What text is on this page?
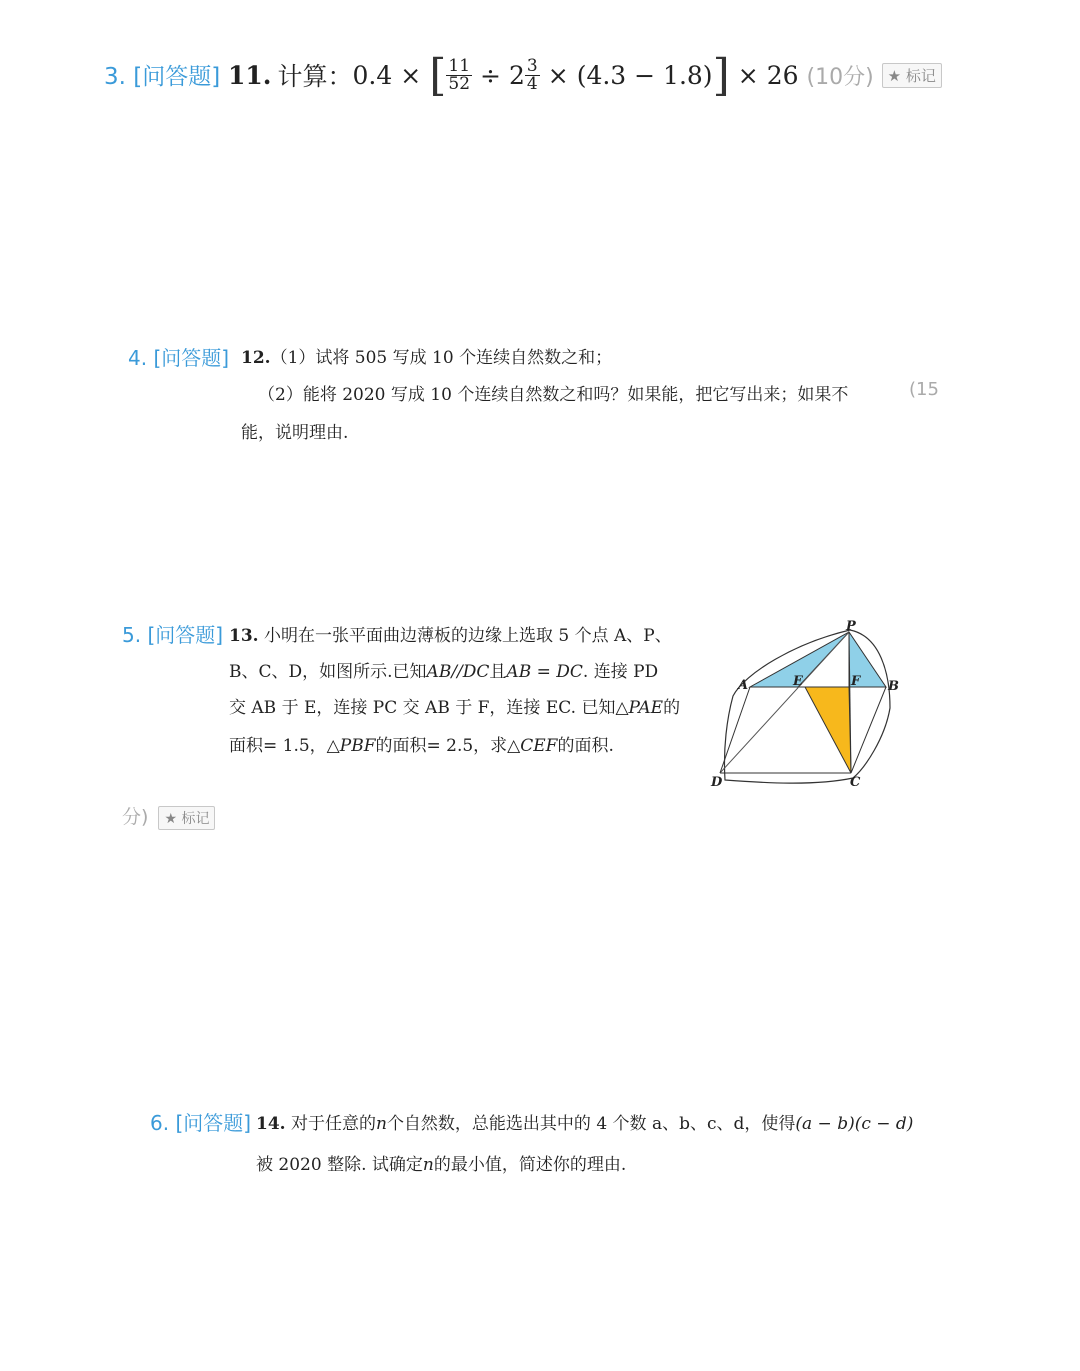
3. [问答题] 11. 计算： 0.4 × [ $\frac{11}{52} \div 2 \frac{3}{4} \times (4.3 - 1.8)$ ] × 26 (10分) ★ 标记
4. [问答题] 12.（1）试将 505 写成 10 个连续自然数之和；
（2）能将 2020 写成 10 个连续自然数之和吗？如果能，把它写出来；如果不	(15
能，说明理由.
5. [问答题] 13. 小明在一张平面曲边薄板的边缘上选取 5 个点 A、P、
B、C、D，如图所示.已知AB//DC且AB = DC. 连接 PD
交 AB 于 E，连接 PC 交 AB 于 F，连接 EC. 已知△PAE的
面积= 1.5，△PBF的面积= 2.5，求△CEF的面积.
分) ★ 标记
P
A	E	F B
D	C
6. [问答题] 14. 对于任意的n个自然数，总能选出其中的 4 个数 a、b、c、d，使得(a − b)(c − d)
被 2020 整除. 试确定n的最小值，简述你的理由.
